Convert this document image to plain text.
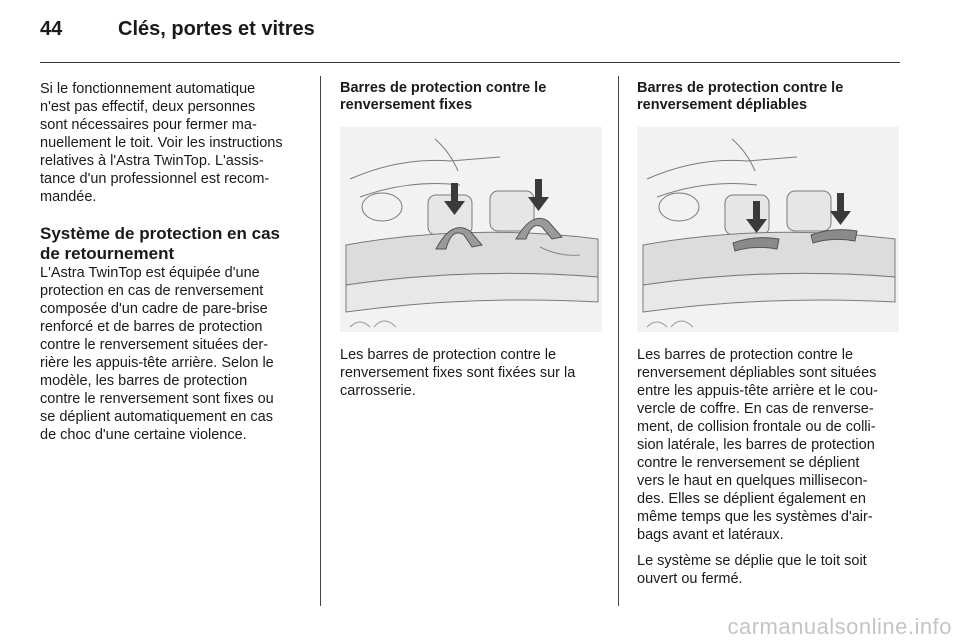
44	Clés, portes et vitres

Si le fonctionnement automatique
n'est pas effectif, deux personnes
sont nécessaires pour fermer ma-
nuellement le toit. Voir les instructions
relatives à l'Astra TwinTop. L'assis-
tance d'un professionnel est recom-
mandée.

Système de protection en cas
de retournement

L'Astra TwinTop est équipée d'une
protection en cas de renversement
composée d'un cadre de pare-brise
renforcé et de barres de protection
contre le renversement situées der-
rière les appuis-tête arrière. Selon le
modèle, les barres de protection
contre le renversement sont fixes ou
se déplient automatiquement en cas
de choc d'une certaine violence.

Barres de protection contre le
renversement fixes

Les barres de protection contre le
renversement fixes sont fixées sur la
carrosserie.

Barres de protection contre le
renversement dépliables

Les barres de protection contre le
renversement dépliables sont situées
entre les appuis-tête arrière et le cou-
vercle de coffre. En cas de renverse-
ment, de collision frontale ou de colli-
sion latérale, les barres de protection
contre le renversement se déplient
vers le haut en quelques millisecon-
des. Elles se déplient également en
même temps que les systèmes d'air-
bags avant et latéraux.

Le système se déplie que le toit soit
ouvert ou fermé.

carmanualsonline.info
